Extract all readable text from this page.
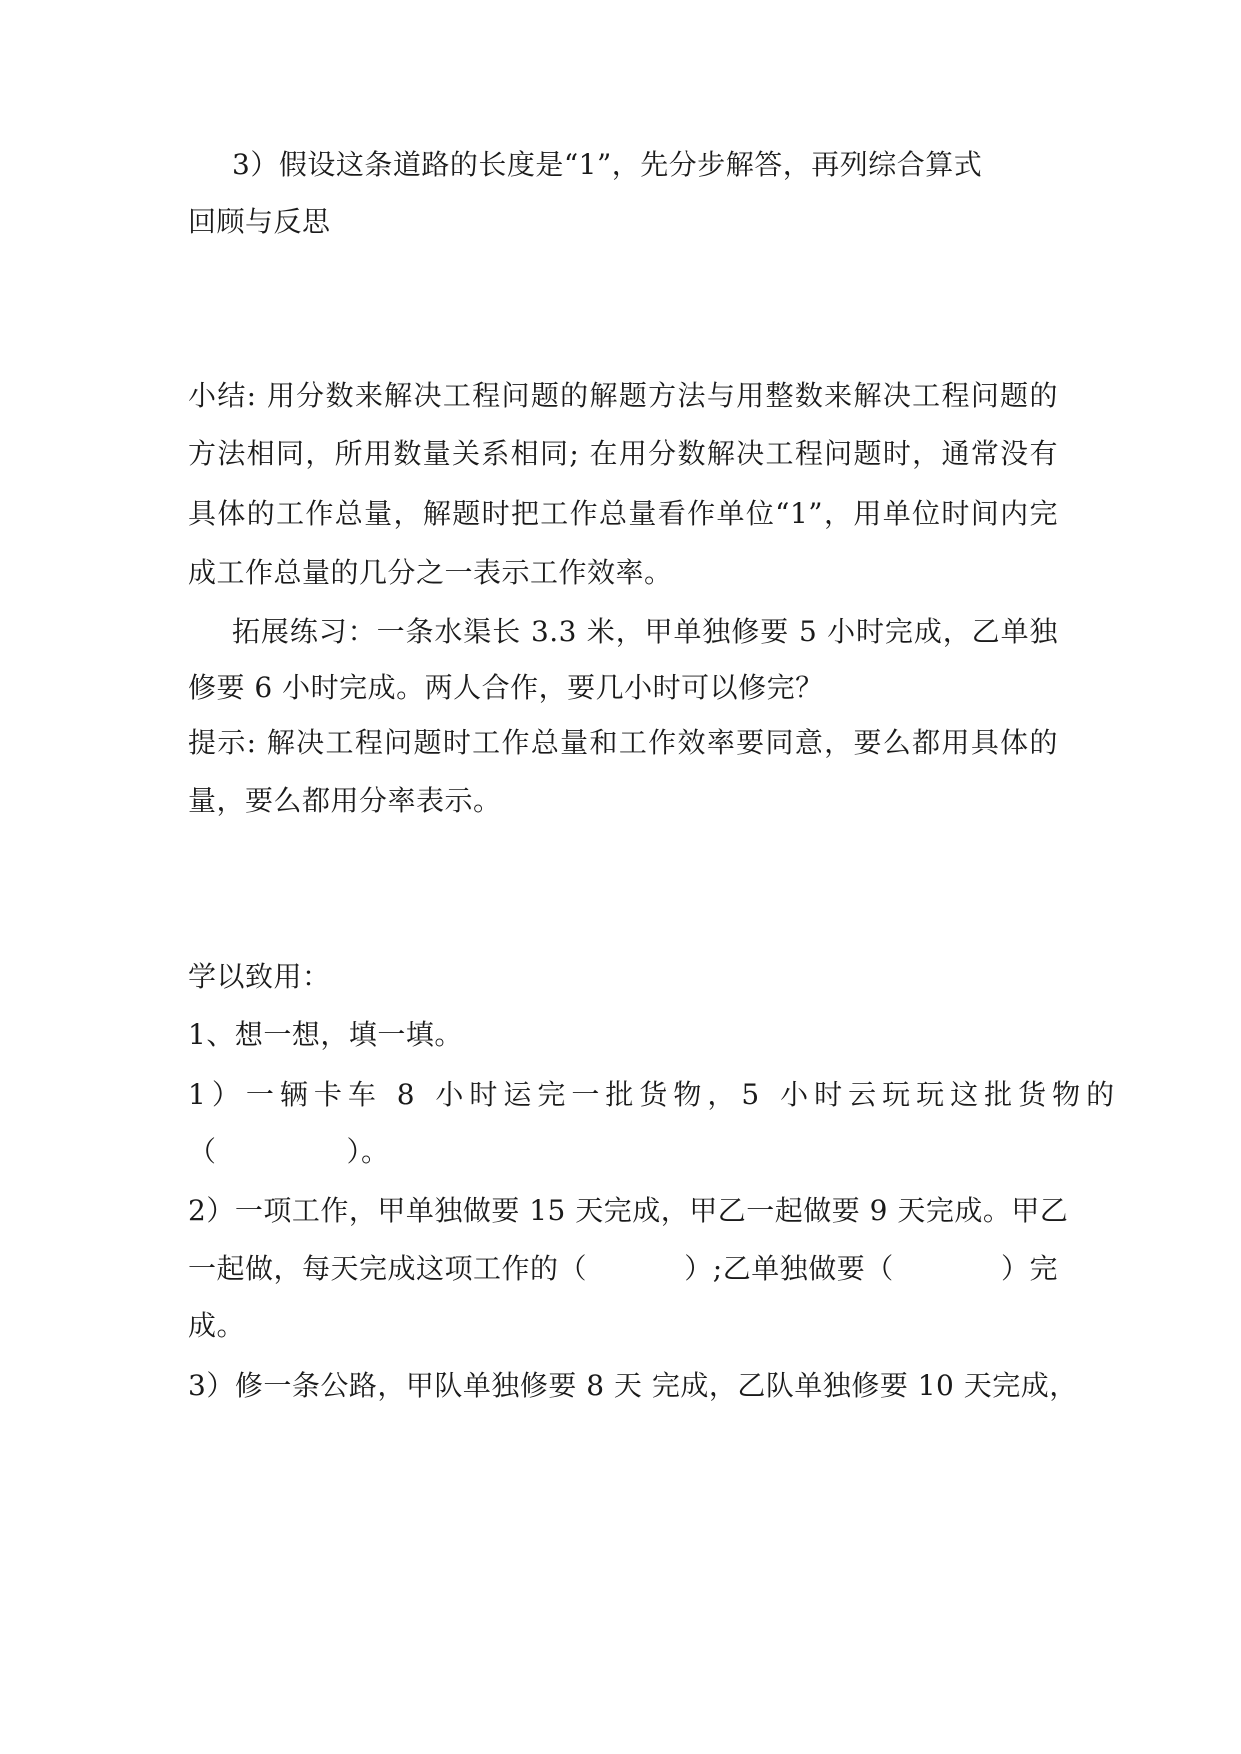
3）假设这条道路的长度是“1”，先分步解答，再列综合算式

回顾与反思

小结: 用分数来解决工程问题的解题方法与用整数来解决工程问题的

方法相同，所用数量关系相同; 在用分数解决工程问题时，通常没有

具体的工作总量，解题时把工作总量看作单位“1”，用单位时间内完

成工作总量的几分之一表示工作效率。

拓展练习：一条水渠长 3.3 米，甲单独修要 5 小时完成，乙单独

修要 6 小时完成。两人合作，要几小时可以修完？

提示: 解决工程问题时工作总量和工作效率要同意，要么都用具体的

量，要么都用分率表示。

学以致用：

1、想一想，填一填。

1）一辆卡车 8 小时运完一批货物，5 小时云玩玩这批货物的

（	）。

2）一项工作，甲单独做要 15 天完成，甲乙一起做要 9 天完成。甲乙

一起做，每天完成这项工作的（	）;乙单独做要（	）完

成。

3）修一条公路，甲队单独修要 8 天 完成，乙队单独修要 10 天完成，
